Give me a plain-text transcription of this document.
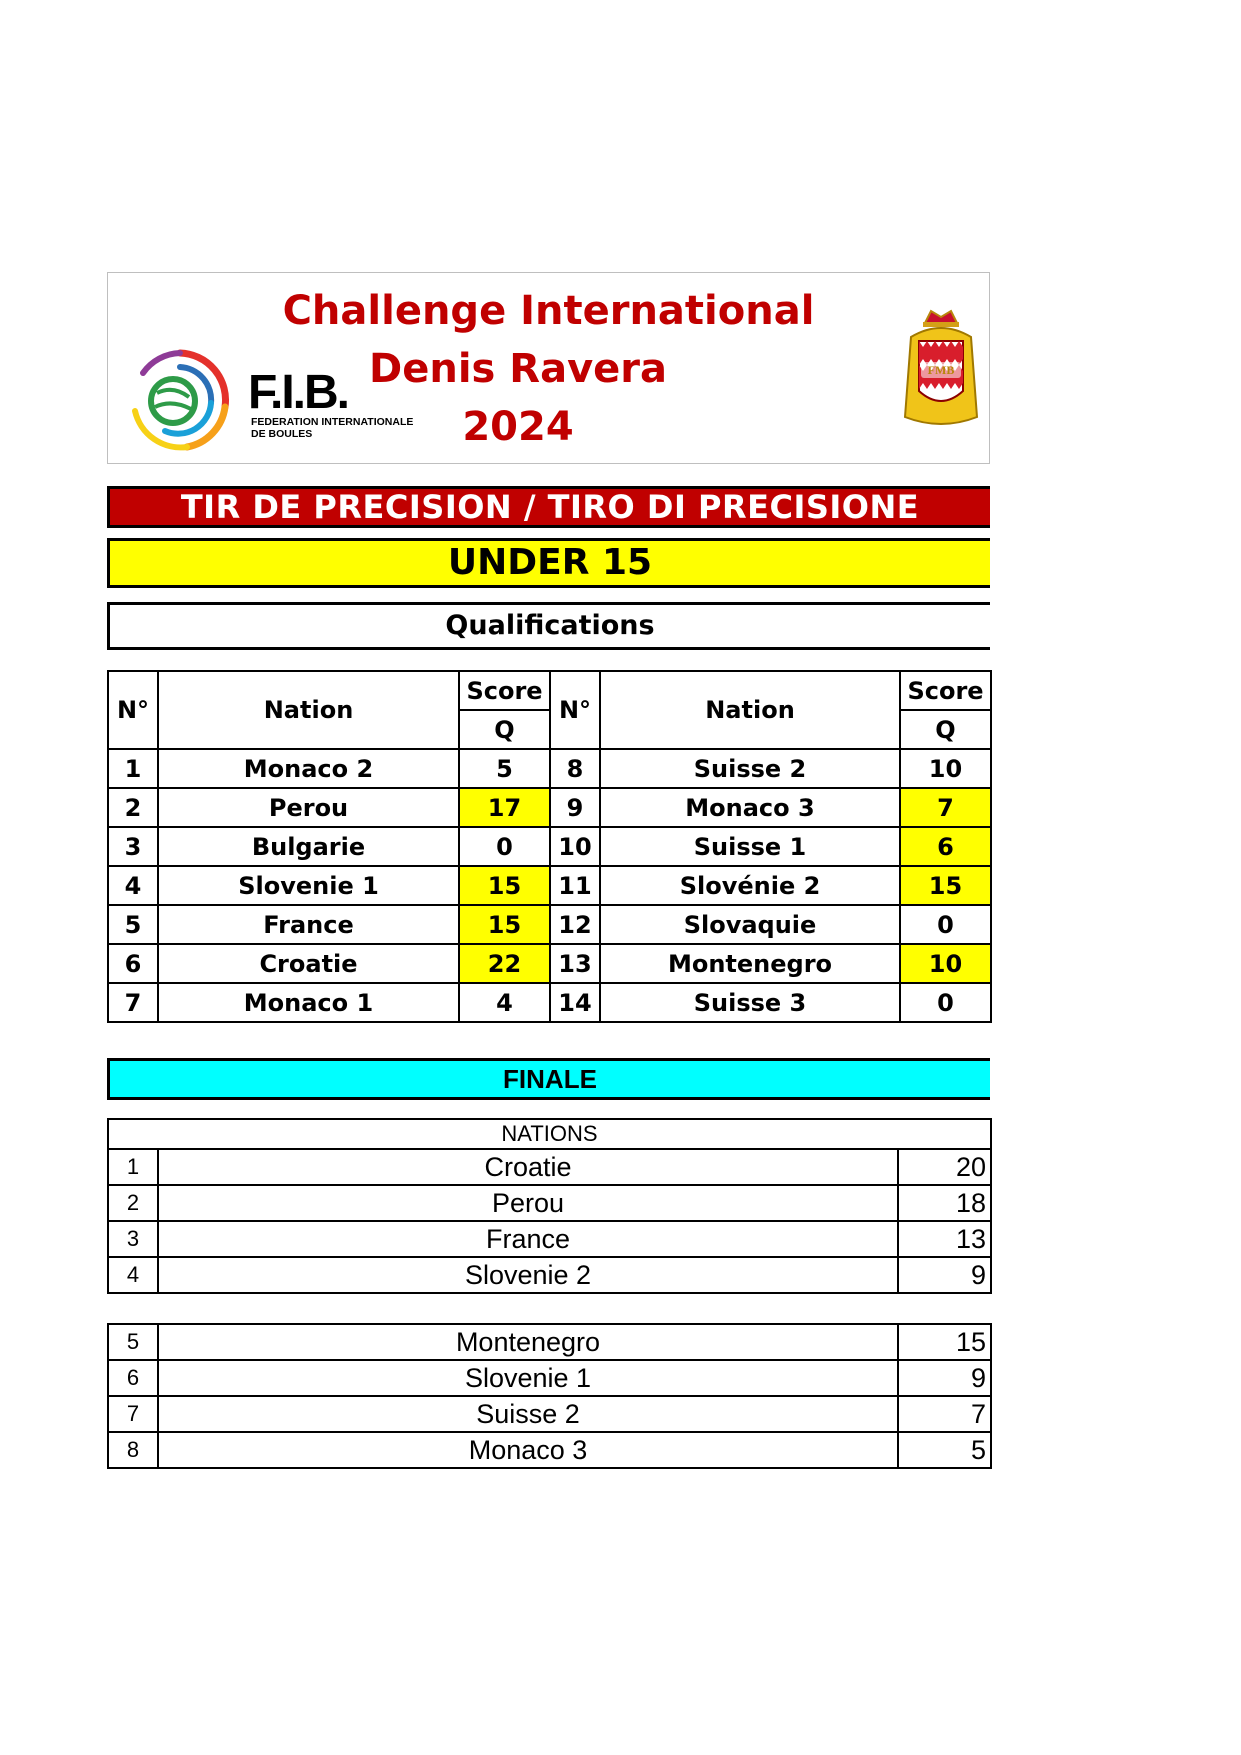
Challenge International
Denis Ravera
2024
F.I.B.
FEDERATION INTERNATIONALE
DE BOULES
FMB
TIR DE PRECISION / TIRO DI PRECISIONE
UNDER 15
Qualifications
N°	Nation	Score	N°	Nation	Score
		Q			Q
1	Monaco 2	5	8	Suisse 2	10
2	Perou	17	9	Monaco 3	7
3	Bulgarie	0	10	Suisse 1	6
4	Slovenie 1	15	11	Slovénie 2	15
5	France	15	12	Slovaquie	0
6	Croatie	22	13	Montenegro	10
7	Monaco 1	4	14	Suisse 3	0
FINALE
NATIONS		
1	Croatie	20
2	Perou	18
3	France	13
4	Slovenie 2	9
5	Montenegro	15
6	Slovenie 1	9
7	Suisse 2	7
8	Monaco 3	5
